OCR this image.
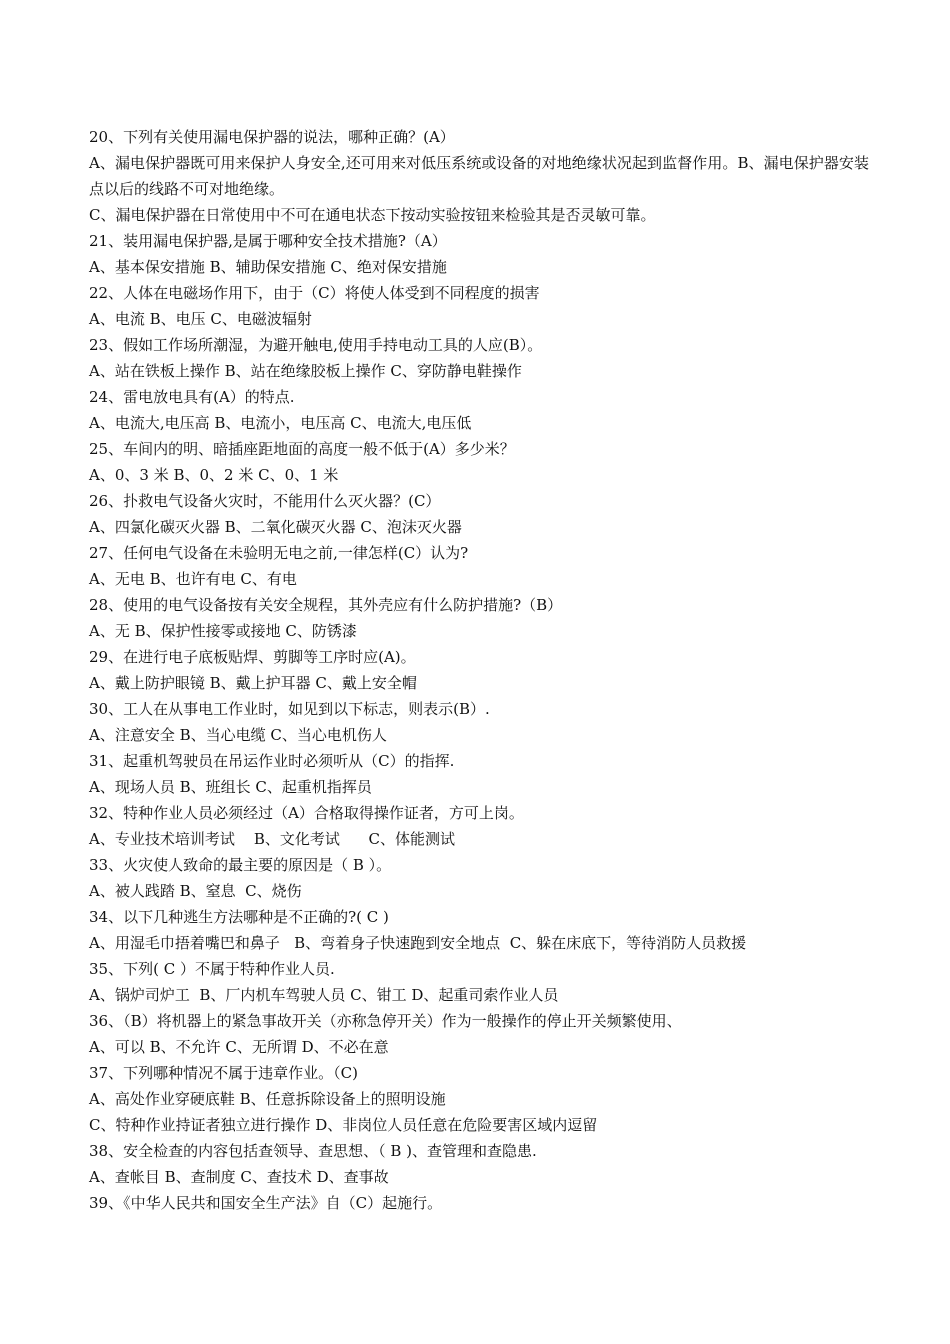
20、下列有关使用漏电保护器的说法，哪种正确？(A）

A、漏电保护器既可用来保护人身安全,还可用来对低压系统或设备的对地绝缘状况起到监督作用。B、漏电保护器安装点以后的线路不可对地绝缘。

C、漏电保护器在日常使用中不可在通电状态下按动实验按钮来检验其是否灵敏可靠。

21、装用漏电保护器,是属于哪种安全技术措施?（A）

A、基本保安措施 B、辅助保安措施 C、绝对保安措施

22、人体在电磁场作用下，由于（C）将使人体受到不同程度的损害

A、电流 B、电压 C、电磁波辐射

23、假如工作场所潮湿，为避开触电,使用手持电动工具的人应(B）。

A、站在铁板上操作 B、站在绝缘胶板上操作 C、穿防静电鞋操作

24、雷电放电具有(A）的特点.

A、电流大,电压高 B、电流小，电压高 C、电流大,电压低

25、车间内的明、暗插座距地面的高度一般不低于(A）多少米？

A、0、3 米 B、0、2 米 C、0、1 米

26、扑救电气设备火灾时，不能用什么灭火器？(C）

A、四氯化碳灭火器 B、二氧化碳灭火器 C、泡沫灭火器

27、任何电气设备在未验明无电之前,一律怎样(C）认为?

A、无电 B、也许有电 C、有电

28、使用的电气设备按有关安全规程，其外壳应有什么防护措施?（B）

A、无 B、保护性接零或接地 C、防锈漆

29、在进行电子底板贴焊、剪脚等工序时应(A)。

A、戴上防护眼镜 B、戴上护耳器 C、戴上安全帽

30、工人在从事电工作业时，如见到以下标志，则表示(B）.

A、注意安全 B、当心电缆 C、当心电机伤人

31、起重机驾驶员在吊运作业时必须听从（C）的指挥.

A、现场人员 B、班组长 C、起重机指挥员

32、特种作业人员必须经过（A）合格取得操作证者，方可上岗。

A、专业技术培训考试    B、文化考试      C、体能测试

33、火灾使人致命的最主要的原因是（ B ）。

A、被人践踏 B、窒息  C、烧伤

34、以下几种逃生方法哪种是不正确的?( C )

A、用湿毛巾捂着嘴巴和鼻子   B、弯着身子快速跑到安全地点  C、躲在床底下，等待消防人员救援

35、下列( C ）不属于特种作业人员.

A、锅炉司炉工  B、厂内机车驾驶人员 C、钳工 D、起重司索作业人员

36、（B）将机器上的紧急事故开关（亦称急停开关）作为一般操作的停止开关频繁使用、

A、可以 B、不允许 C、无所谓 D、不必在意

37、下列哪种情况不属于违章作业。（C)

A、高处作业穿硬底鞋 B、任意拆除设备上的照明设施

C、特种作业持证者独立进行操作 D、非岗位人员任意在危险要害区域内逗留

38、安全检查的内容包括查领导、查思想、（ B )、查管理和查隐患.

A、查帐目 B、查制度 C、查技术 D、查事故

39、《中华人民共和国安全生产法》自（C）起施行。
